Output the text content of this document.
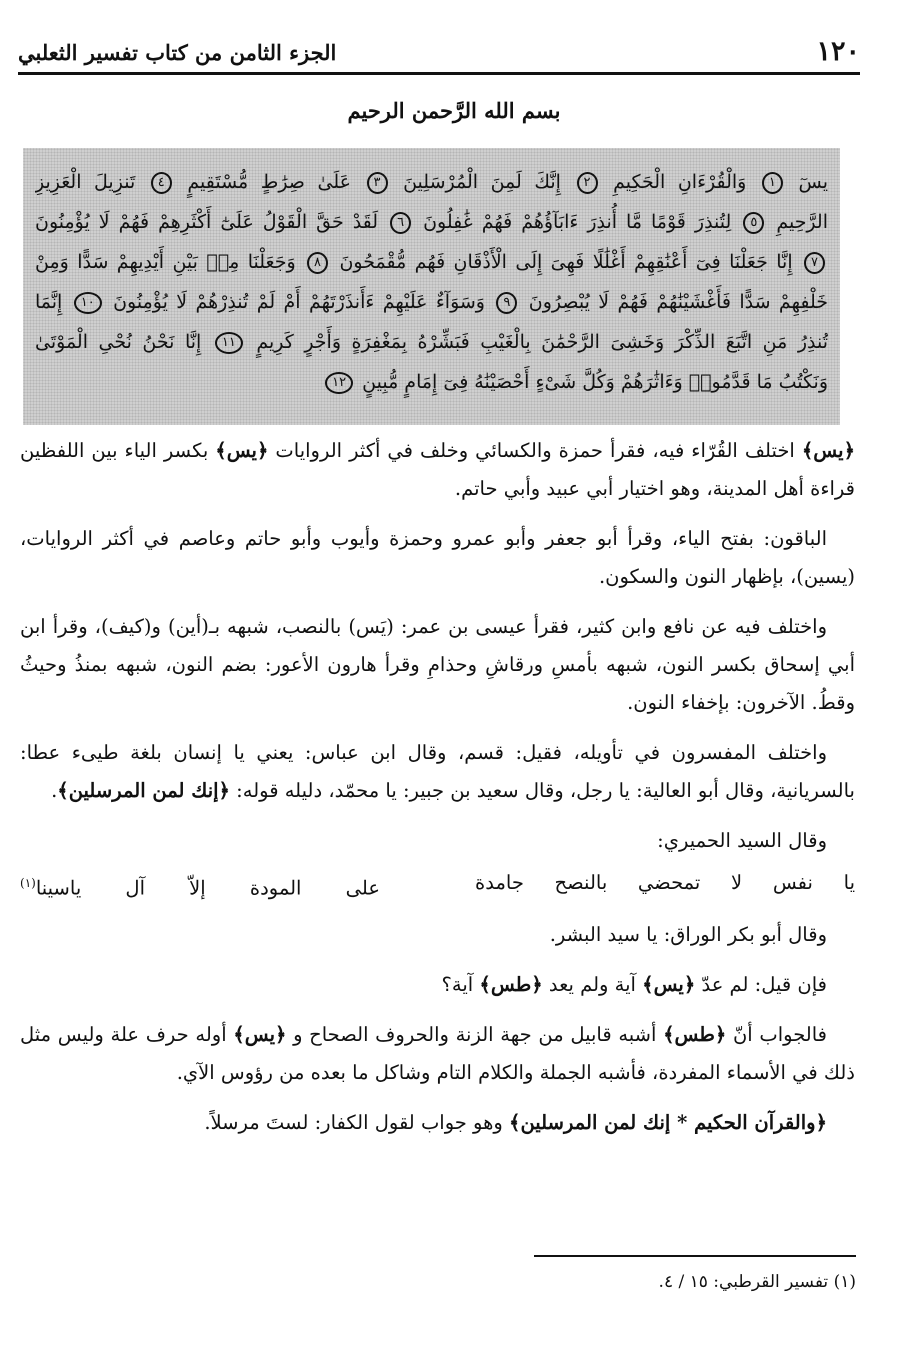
١٢٠
الجزء الثامن من كتاب تفسير الثعلبي
بسم الله الرَّحمن الرحيم
يسٓ ١ وَالْقُرْءَانِ الْحَكِيمِ ٢ إِنَّكَ لَمِنَ الْمُرْسَلِينَ ٣ عَلَىٰ صِرَٰطٍ مُّسْتَقِيمٍ ٤ تَنزِيلَ الْعَزِيزِ
الرَّحِيمِ ٥ لِتُنذِرَ قَوْمًا مَّا أُنذِرَ ءَابَآؤُهُمْ فَهُمْ غَٰفِلُونَ ٦ لَقَدْ حَقَّ الْقَوْلُ عَلَىٰٓ أَكْثَرِهِمْ فَهُمْ لَا يُؤْمِنُونَ
٧ إِنَّا جَعَلْنَا فِىٓ أَعْنَٰقِهِمْ أَغْلَٰلًا فَهِىَ إِلَى الْأَذْقَانِ فَهُم مُّقْمَحُونَ ٨ وَجَعَلْنَا مِنۢ بَيْنِ أَيْدِيهِمْ سَدًّا وَمِنْ
خَلْفِهِمْ سَدًّا فَأَغْشَيْنَٰهُمْ فَهُمْ لَا يُبْصِرُونَ ٩ وَسَوَآءٌ عَلَيْهِمْ ءَأَنذَرْتَهُمْ أَمْ لَمْ تُنذِرْهُمْ لَا يُؤْمِنُونَ ١٠ إِنَّمَا
تُنذِرُ مَنِ اتَّبَعَ الذِّكْرَ وَخَشِىَ الرَّحْمَٰنَ بِالْغَيْبِ فَبَشِّرْهُ بِمَغْفِرَةٍ وَأَجْرٍ كَرِيمٍ ١١ إِنَّا نَحْنُ نُحْىِ الْمَوْتَىٰ
وَنَكْتُبُ مَا قَدَّمُوا۟ وَءَاثَٰرَهُمْ وَكُلَّ شَىْءٍ أَحْصَيْنَٰهُ فِىٓ إِمَامٍ مُّبِينٍ ١٢

﴿يس﴾ اختلف القُرّاء فيه، فقرأ حمزة والكسائي وخلف في أكثر الروايات ﴿يس﴾ بكسر الياء بين اللفظين قراءة أهل المدينة، وهو اختيار أبي عبيد وأبي حاتم.

الباقون: بفتح الياء، وقرأ أبو جعفر وأبو عمرو وحمزة وأيوب وأبو حاتم وعاصم في أكثر الروايات، (يسين)، بإظهار النون والسكون.

واختلف فيه عن نافع وابن كثير، فقرأ عيسى بن عمر: (يَس) بالنصب، شبهه بـ(أين) و(كيف)، وقرأ ابن أبي إسحاق بكسر النون، شبهه بأمسِ ورقاشِ وحذامِ وقرأ هارون الأعور: بضم النون، شبهه بمنذُ وحيثُ وقطُ. الآخرون: بإخفاء النون.

واختلف المفسرون في تأويله، فقيل: قسم، وقال ابن عباس: يعني يا إنسان بلغة طيىء عطا: بالسريانية، وقال أبو العالية: يا رجل، وقال سعيد بن جبير: يا محمّد، دليله قوله: ﴿إنك لمن المرسلين﴾.

وقال السيد الحميري:

يا نفس لا تمحضي بالنصح جامدة
على المودة إلاّ آل ياسينا$^{(١)}$

وقال أبو بكر الوراق: يا سيد البشر.

فإن قيل: لم عدّ ﴿يس﴾ آية ولم يعد ﴿طس﴾ آية؟

فالجواب أنّ ﴿طس﴾ أشبه قابيل من جهة الزنة والحروف الصحاح و ﴿يس﴾ أوله حرف علة وليس مثل ذلك في الأسماء المفردة، فأشبه الجملة والكلام التام وشاكل ما بعده من رؤوس الآي.

﴿والقرآن الحكيم * إنك لمن المرسلين﴾ وهو جواب لقول الكفار: لستَ مرسلاً.

(١) تفسير القرطبي: ١٥ / ٤.
